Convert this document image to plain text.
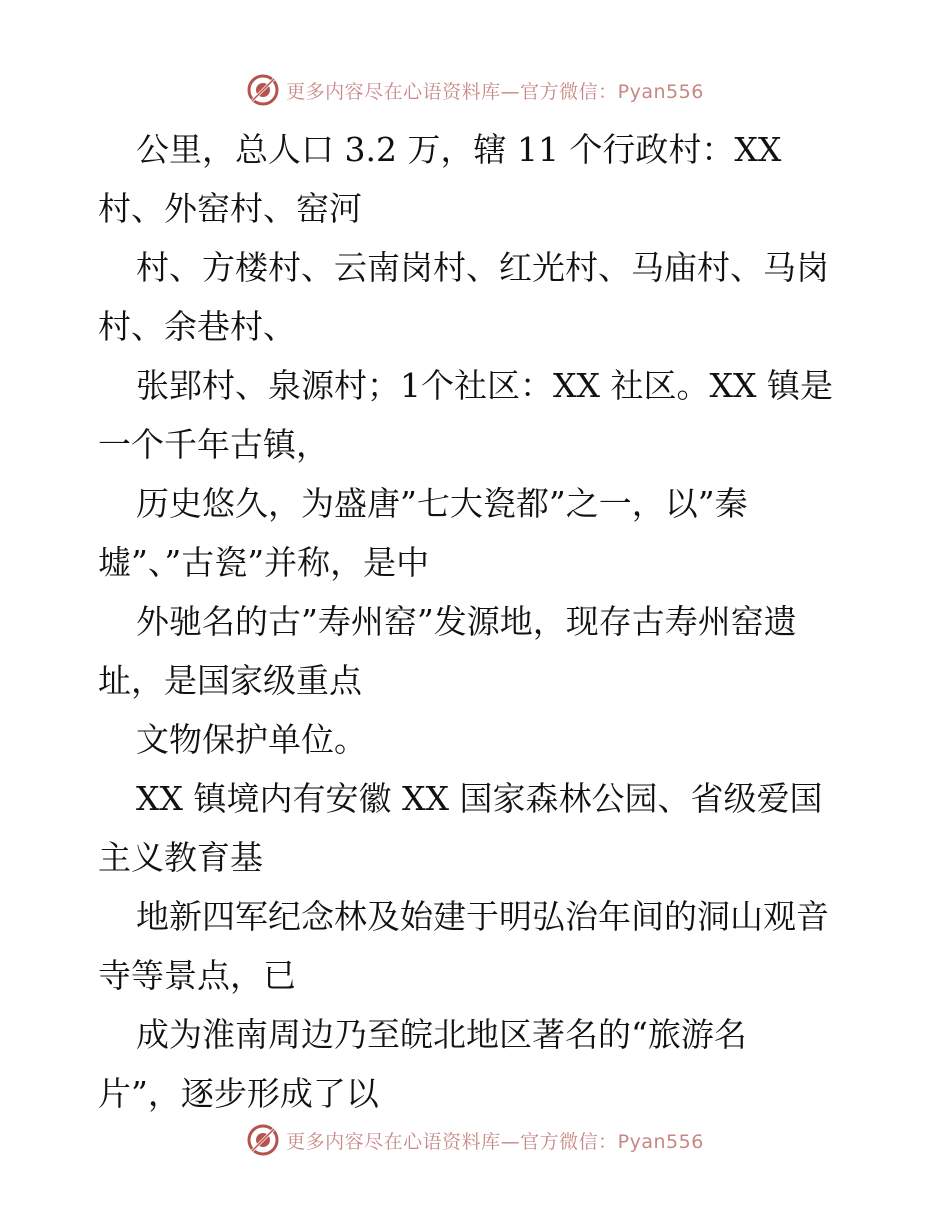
更多内容尽在心语资料库—官方微信：Pyan556
公里，总人口 3.2 万，辖 11 个行政村：XX
村、外窑村、窑河
村、方楼村、云南岗村、红光村、马庙村、马岗
村、余巷村、
张郢村、泉源村；1个社区：XX 社区。XX 镇是
一个千年古镇，
历史悠久，为盛唐”七大瓷都”之一，以”秦
墟”、”古瓷”并称，是中
外驰名的古”寿州窑”发源地，现存古寿州窑遗
址，是国家级重点
文物保护单位。
XX 镇境内有安徽 XX 国家森林公园、省级爱国
主义教育基
地新四军纪念林及始建于明弘治年间的洞山观音
寺等景点，已
成为淮南周边乃至皖北地区著名的“旅游名
片”，逐步形成了以
更多内容尽在心语资料库—官方微信：Pyan556
